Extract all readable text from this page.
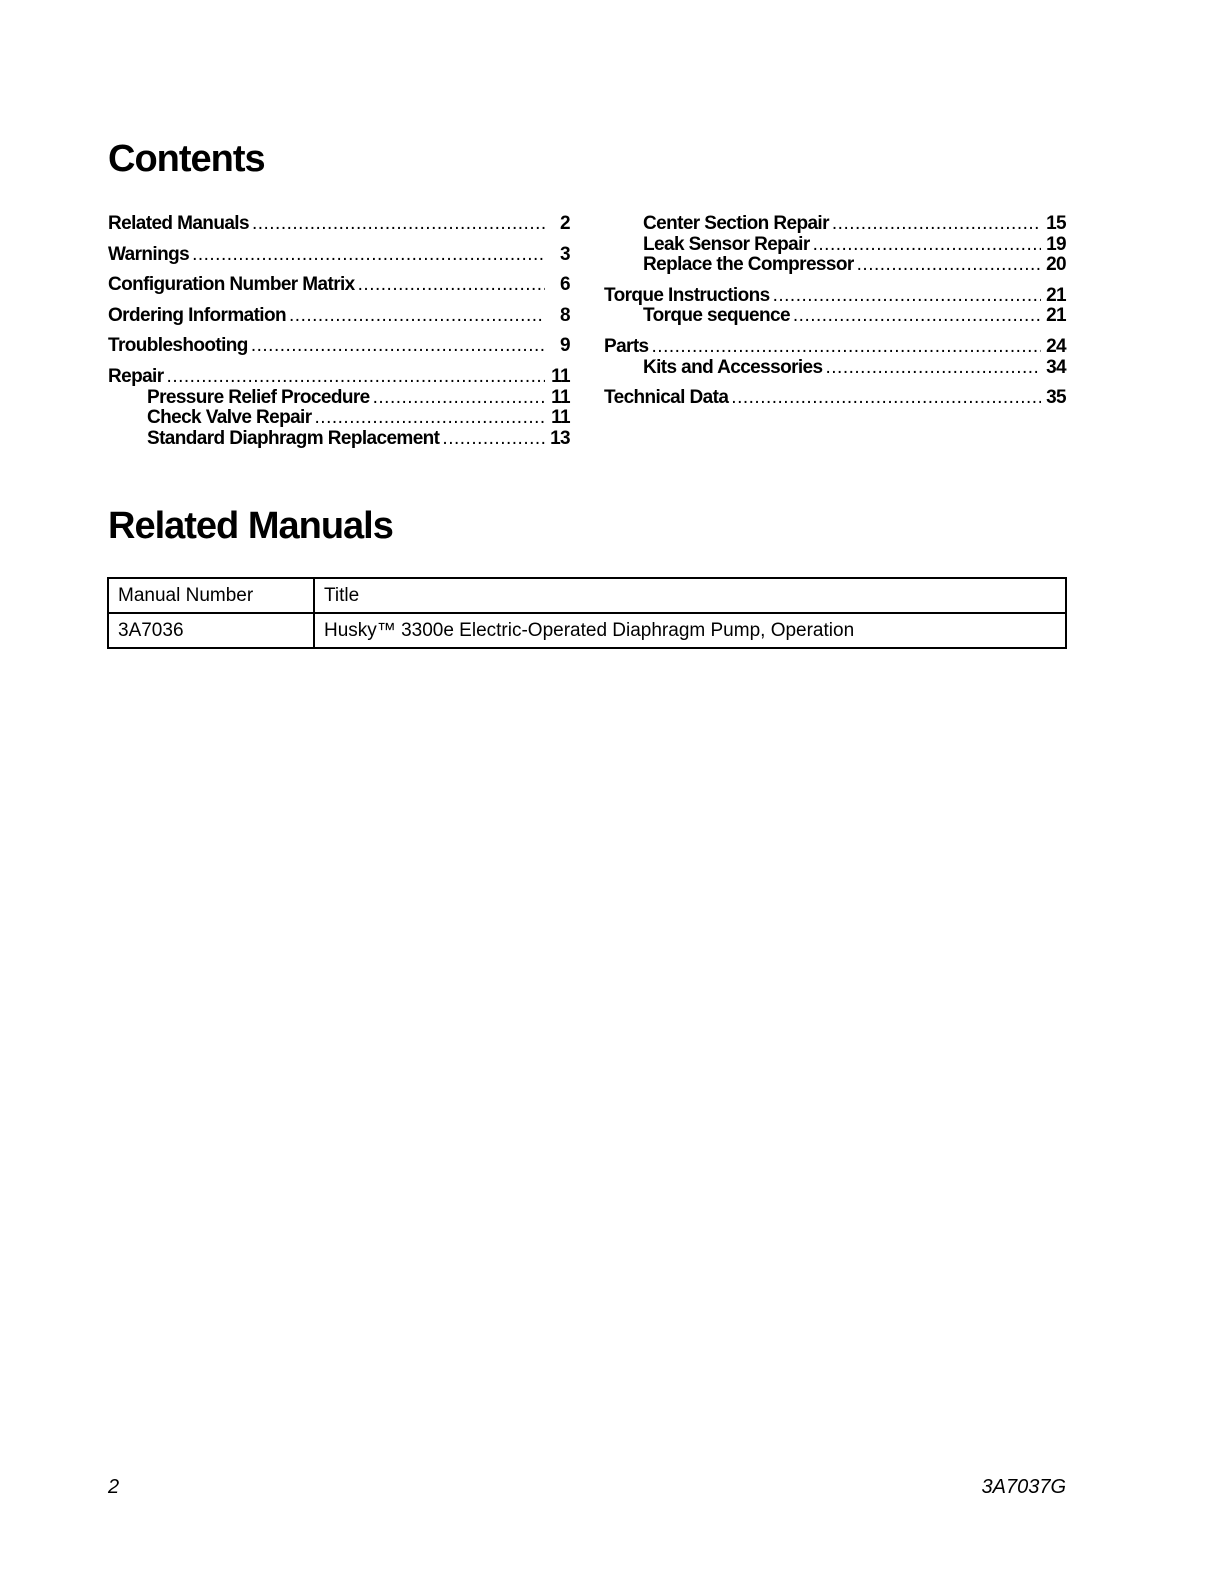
Contents
Related Manuals .....	2
Warnings .....	3
Configuration Number Matrix .....	6
Ordering Information .....	8
Troubleshooting .....	9
Repair .....	11
Pressure Relief Procedure .....	11
Check Valve Repair .....	11
Standard Diaphragm Replacement .....	13
Center Section Repair .....	15
Leak Sensor Repair .....	19
Replace the Compressor .....	20
Torque Instructions .....	21
Torque sequence .....	21
Parts .....	24
Kits and Accessories .....	34
Technical Data .....	35
Related Manuals
Manual Number	Title
3A7036	Husky™ 3300e Electric-Operated Diaphragm Pump, Operation
2	3A7037G
